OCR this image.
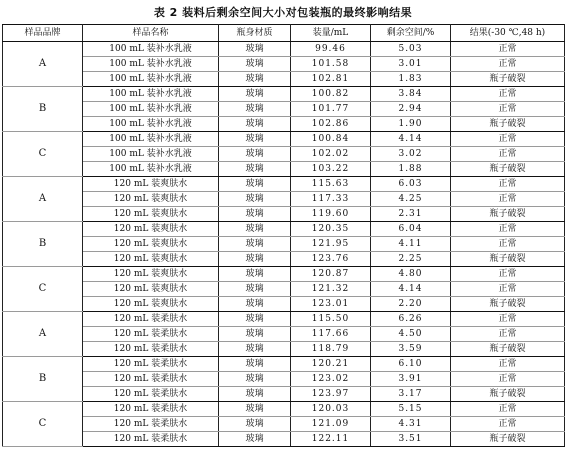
表 2 装料后剩余空间大小对包装瓶的最终影响结果
样品品牌	样品名称	瓶身材质	装量/mL	剩余空间/%	结果(-30 ℃,48 h)
A	100 mL 装补水乳液	玻璃	99.46	5.03	正常
	100 mL 装补水乳液	玻璃	101.58	3.01	正常
	100 mL 装补水乳液	玻璃	102.81	1.83	瓶子破裂
B	100 mL 装补水乳液	玻璃	100.82	3.84	正常
	100 mL 装补水乳液	玻璃	101.77	2.94	正常
	100 mL 装补水乳液	玻璃	102.86	1.90	瓶子破裂
C	100 mL 装补水乳液	玻璃	100.84	4.14	正常
	100 mL 装补水乳液	玻璃	102.02	3.02	正常
	100 mL 装补水乳液	玻璃	103.22	1.88	瓶子破裂
A	120 mL 装爽肤水	玻璃	115.63	6.03	正常
	120 mL 装爽肤水	玻璃	117.33	4.25	正常
	120 mL 装爽肤水	玻璃	119.60	2.31	瓶子破裂
B	120 mL 装爽肤水	玻璃	120.35	6.04	正常
	120 mL 装爽肤水	玻璃	121.95	4.11	正常
	120 mL 装爽肤水	玻璃	123.76	2.25	瓶子破裂
C	120 mL 装爽肤水	玻璃	120.87	4.80	正常
	120 mL 装爽肤水	玻璃	121.32	4.14	正常
	120 mL 装爽肤水	玻璃	123.01	2.20	瓶子破裂
A	120 mL 装柔肤水	玻璃	115.50	6.26	正常
	120 mL 装柔肤水	玻璃	117.66	4.50	正常
	120 mL 装柔肤水	玻璃	118.79	3.59	瓶子破裂
B	120 mL 装柔肤水	玻璃	120.21	6.10	正常
	120 mL 装柔肤水	玻璃	123.02	3.91	正常
	120 mL 装柔肤水	玻璃	123.97	3.17	瓶子破裂
C	120 mL 装柔肤水	玻璃	120.03	5.15	正常
	120 mL 装柔肤水	玻璃	121.09	4.31	正常
	120 mL 装柔肤水	玻璃	122.11	3.51	瓶子破裂
